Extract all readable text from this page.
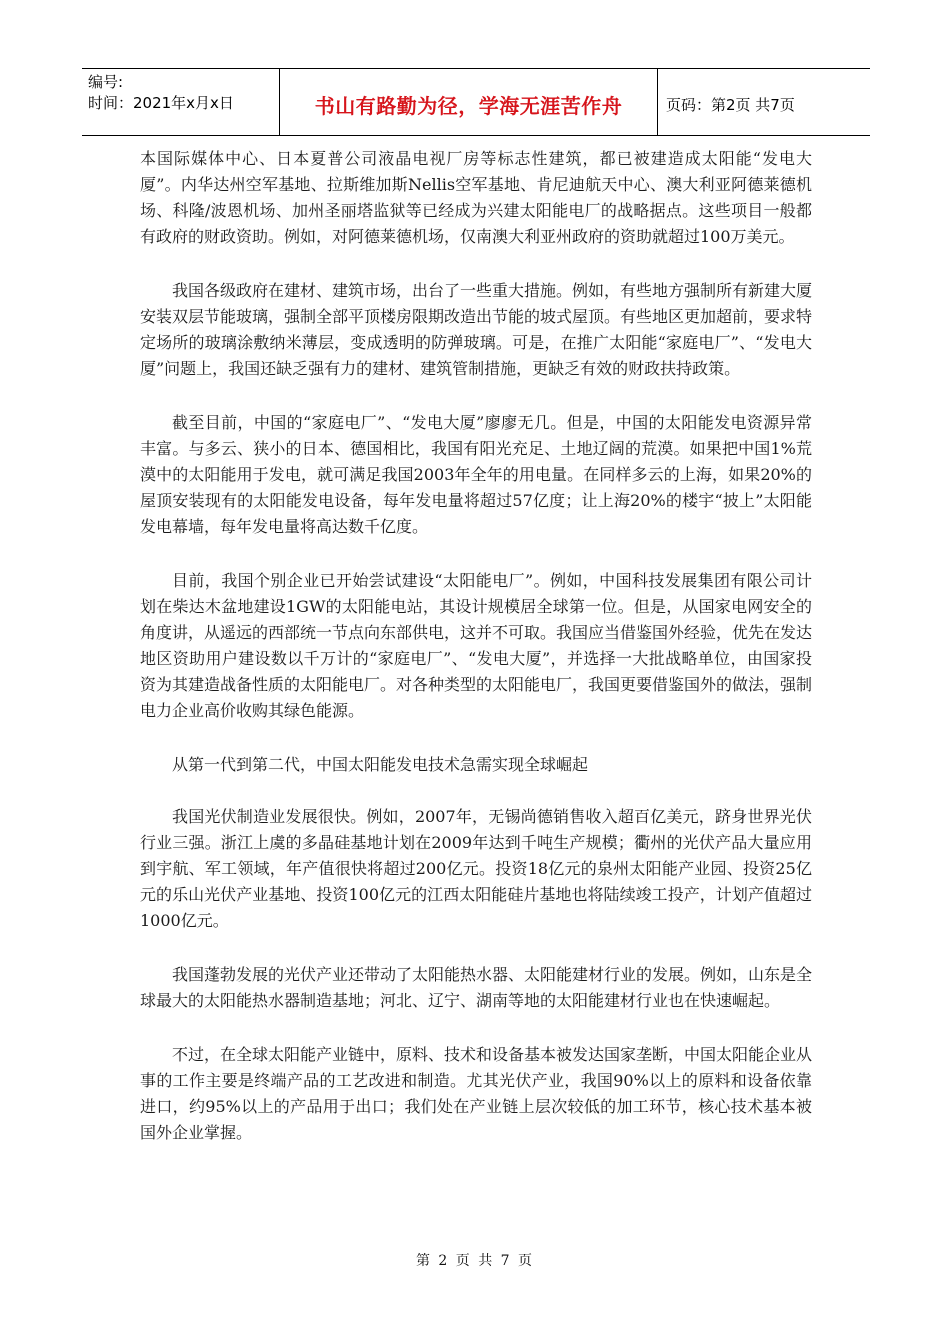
编号:
时间：2021年x月x日	书山有路勤为径，学海无涯苦作舟	页码：第2页 共7页

本国际媒体中心、日本夏普公司液晶电视厂房等标志性建筑，都已被建造成太阳能“发电大厦”。内华达州空军基地、拉斯维加斯Nellis空军基地、肯尼迪航天中心、澳大利亚阿德莱德机场、科隆/波恩机场、加州圣丽塔监狱等已经成为兴建太阳能电厂的战略据点。这些项目一般都有政府的财政资助。例如，对阿德莱德机场，仅南澳大利亚州政府的资助就超过100万美元。

我国各级政府在建材、建筑市场，出台了一些重大措施。例如，有些地方强制所有新建大厦安装双层节能玻璃，强制全部平顶楼房限期改造出节能的坡式屋顶。有些地区更加超前，要求特定场所的玻璃涂敷纳米薄层，变成透明的防弹玻璃。可是，在推广太阳能“家庭电厂”、“发电大厦”问题上，我国还缺乏强有力的建材、建筑管制措施，更缺乏有效的财政扶持政策。

截至目前，中国的“家庭电厂”、“发电大厦”廖廖无几。但是，中国的太阳能发电资源异常丰富。与多云、狭小的日本、德国相比，我国有阳光充足、土地辽阔的荒漠。如果把中国1%荒漠中的太阳能用于发电，就可满足我国2003年全年的用电量。在同样多云的上海，如果20%的屋顶安装现有的太阳能发电设备，每年发电量将超过57亿度；让上海20%的楼宇“披上”太阳能发电幕墙，每年发电量将高达数千亿度。

目前，我国个别企业已开始尝试建设“太阳能电厂”。例如，中国科技发展集团有限公司计划在柴达木盆地建设1GW的太阳能电站，其设计规模居全球第一位。但是，从国家电网安全的角度讲，从遥远的西部统一节点向东部供电，这并不可取。我国应当借鉴国外经验，优先在发达地区资助用户建设数以千万计的“家庭电厂”、“发电大厦”，并选择一大批战略单位，由国家投资为其建造战备性质的太阳能电厂。对各种类型的太阳能电厂，我国更要借鉴国外的做法，强制电力企业高价收购其绿色能源。

从第一代到第二代，中国太阳能发电技术急需实现全球崛起

我国光伏制造业发展很快。例如，2007年，无锡尚德销售收入超百亿美元，跻身世界光伏行业三强。浙江上虞的多晶硅基地计划在2009年达到千吨生产规模；衢州的光伏产品大量应用到宇航、军工领域，年产值很快将超过200亿元。投资18亿元的泉州太阳能产业园、投资25亿元的乐山光伏产业基地、投资100亿元的江西太阳能硅片基地也将陆续竣工投产，计划产值超过1000亿元。

我国蓬勃发展的光伏产业还带动了太阳能热水器、太阳能建材行业的发展。例如，山东是全球最大的太阳能热水器制造基地；河北、辽宁、湖南等地的太阳能建材行业也在快速崛起。

不过，在全球太阳能产业链中，原料、技术和设备基本被发达国家垄断，中国太阳能企业从事的工作主要是终端产品的工艺改进和制造。尤其光伏产业，我国90%以上的原料和设备依靠进口，约95%以上的产品用于出口；我们处在产业链上层次较低的加工环节，核心技术基本被国外企业掌握。

第 2 页 共 7 页
